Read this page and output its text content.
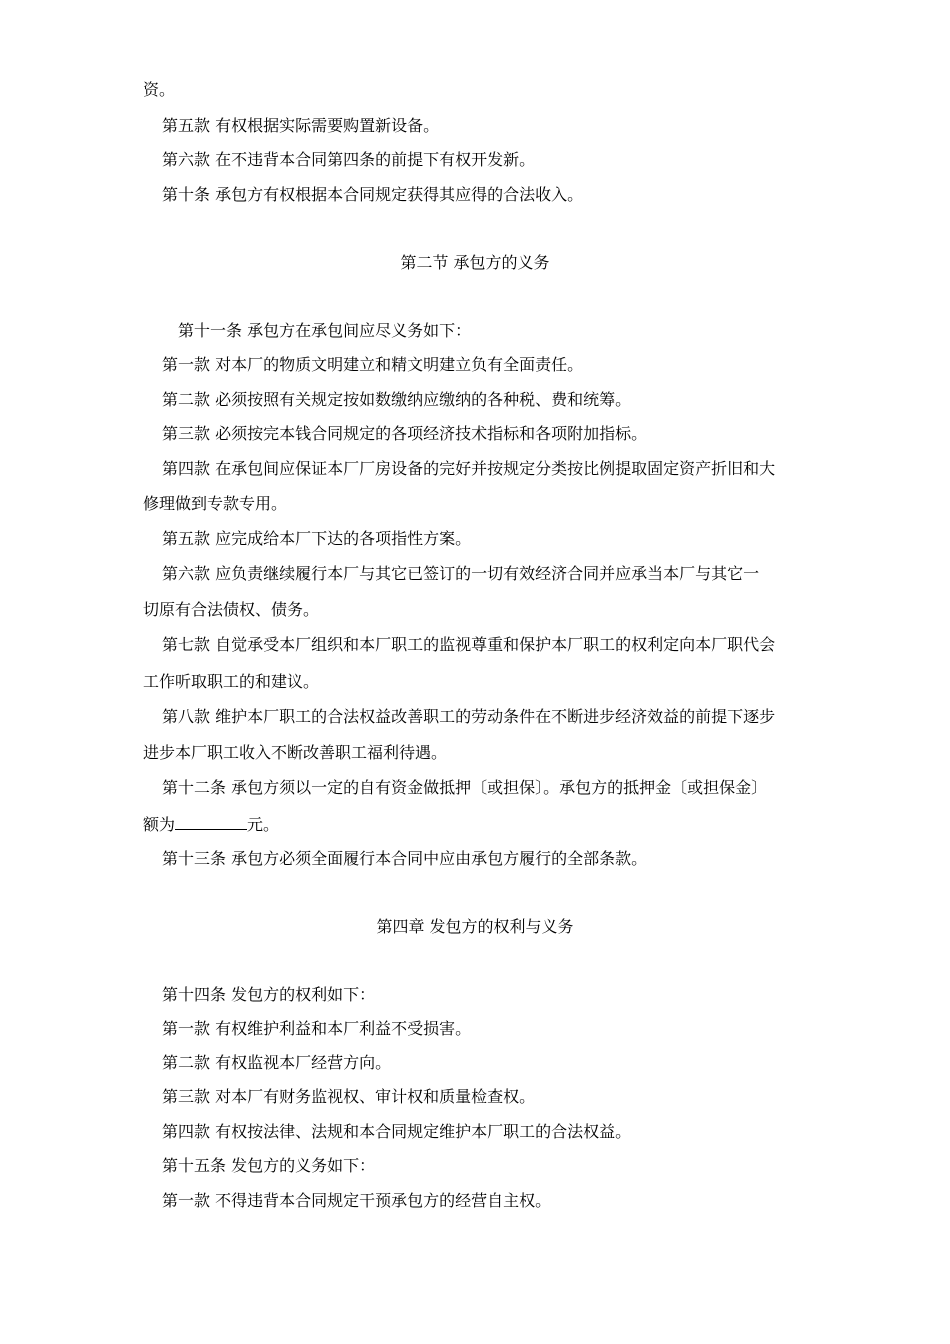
资。
第五款 有权根据实际需要购置新设备。
第六款 在不违背本合同第四条的前提下有权开发新。
第十条 承包方有权根据本合同规定获得其应得的合法收入。
第二节 承包方的义务
第十一条 承包方在承包间应尽义务如下：
第一款 对本厂的物质文明建立和精文明建立负有全面责任。
第二款 必须按照有关规定按如数缴纳应缴纳的各种税、费和统筹。
第三款 必须按完本钱合同规定的各项经济技术指标和各项附加指标。
第四款 在承包间应保证本厂厂房设备的完好并按规定分类按比例提取固定资产折旧和大
修理做到专款专用。
第五款 应完成给本厂下达的各项指性方案。
第六款 应负责继续履行本厂与其它已签订的一切有效经济合同并应承当本厂与其它一
切原有合法债权、债务。
第七款 自觉承受本厂组织和本厂职工的监视尊重和保护本厂职工的权利定向本厂职代会
工作听取职工的和建议。
第八款 维护本厂职工的合法权益改善职工的劳动条件在不断进步经济效益的前提下逐步
进步本厂职工收入不断改善职工福利待遇。
第十二条 承包方须以一定的自有资金做抵押〔或担保〕。承包方的抵押金〔或担保金〕
额为	元。
第十三条 承包方必须全面履行本合同中应由承包方履行的全部条款。
第四章 发包方的权利与义务
第十四条 发包方的权利如下：
第一款 有权维护利益和本厂利益不受损害。
第二款 有权监视本厂经营方向。
第三款 对本厂有财务监视权、审计权和质量检查权。
第四款 有权按法律、法规和本合同规定维护本厂职工的合法权益。
第十五条 发包方的义务如下：
第一款 不得违背本合同规定干预承包方的经营自主权。
